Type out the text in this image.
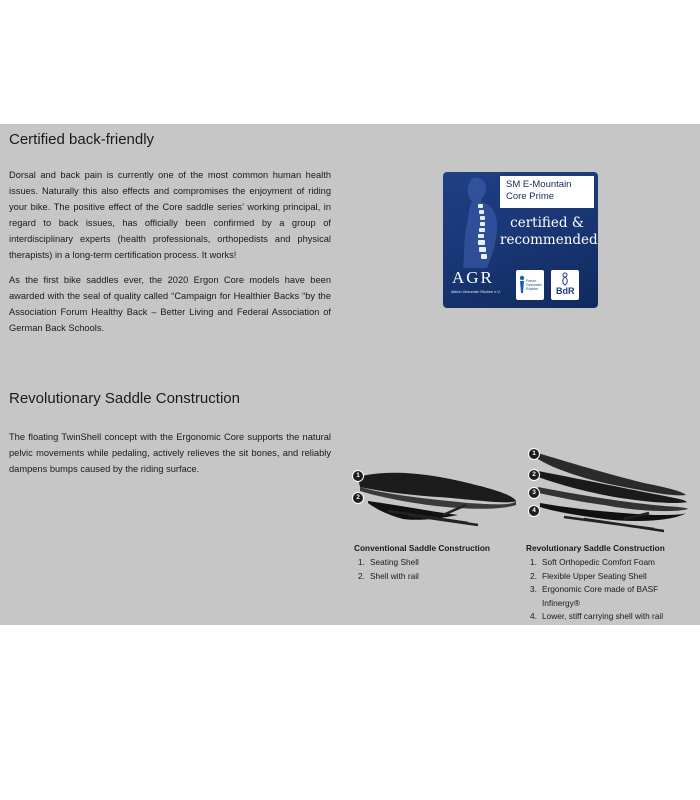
Certified back-friendly

Dorsal and back pain is currently one of the most common human health issues. Naturally this also effects and compromises the enjoyment of riding your bike. The positive effect of the Core saddle series’ working principal, in regard to back issues, has officially been confirmed by a group of interdisciplinary experts (health professionals, orthopedists and physical therapists) in a long-term certification process. It works!

As the first bike saddles ever, the 2020 Ergon Core models have been awarded with the seal of quality called “Campaign for Healthier Backs “by the Association Forum Healthy Back – Better Living and Federal Association of German Back Schools.

SM E-Mountain
Core Prime
certified &
recommended
AGR
Aktion Gesunder Rücken e.V.
Forum
Gesunder
Rücken	BdR
Revolutionary Saddle Construction

The floating TwinShell concept with the Ergonomic Core supports the natural pelvic movements while pedaling, actively relieves the sit bones, and reliably dampens bumps caused by the riding surface.

1
2
1
2
3
4
Conventional Saddle Construction
1. Seating Shell
2. Shell with rail
Revolutionary Saddle Construction
1. Soft Orthopedic Comfort Foam
2. Flexible Upper Seating Shell
3. Ergonomic Core made of BASF Infinergy®
4. Lower, stiff carrying shell with rail
